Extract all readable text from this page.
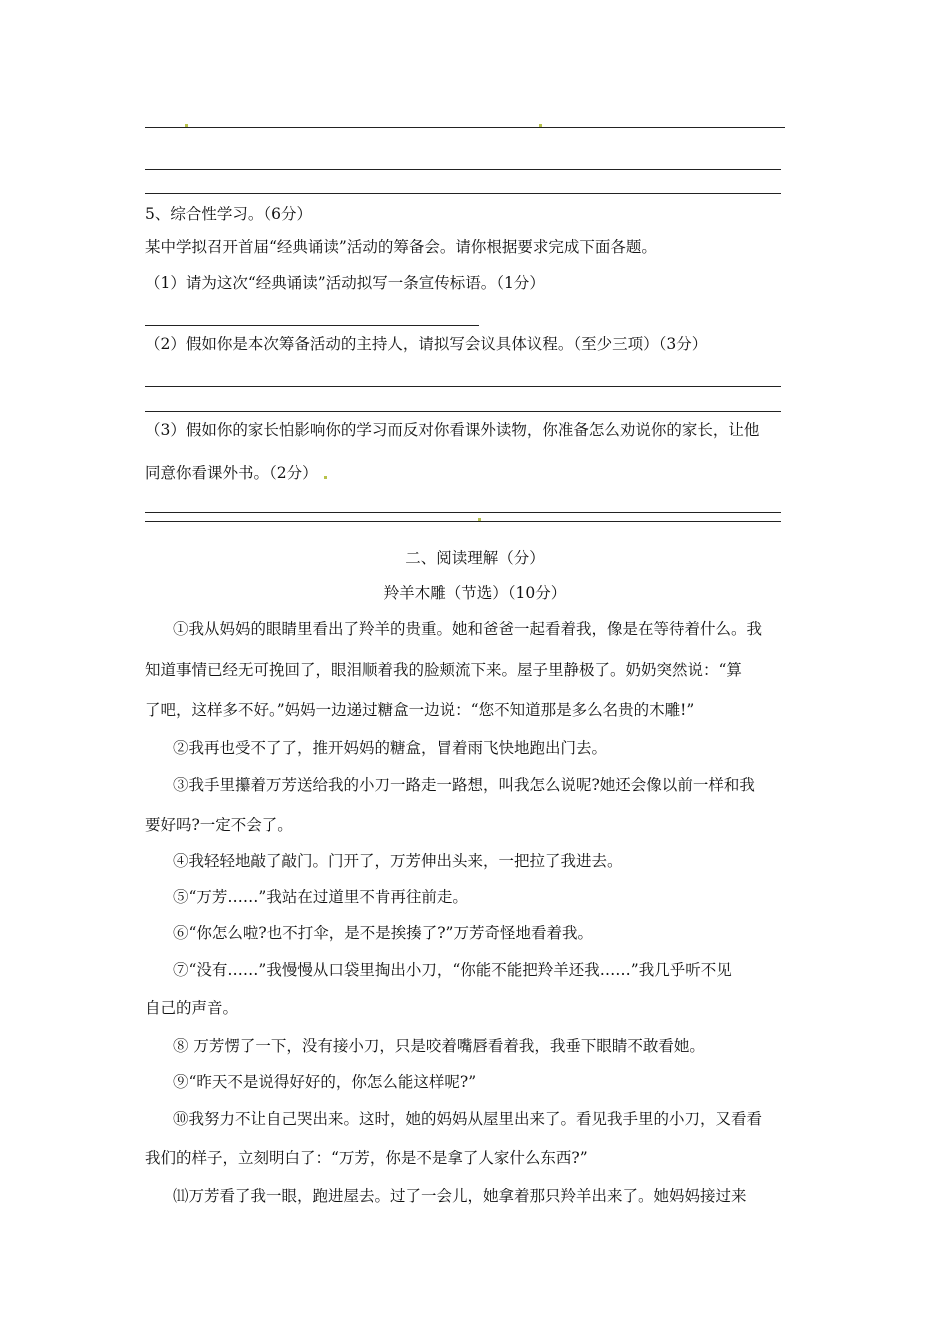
5、综合性学习。（6分）
某中学拟召开首届“经典诵读”活动的筹备会。请你根据要求完成下面各题。
（1）请为这次“经典诵读”活动拟写一条宣传标语。（1分）
（2）假如你是本次筹备活动的主持人，请拟写会议具体议程。（至少三项）（3分）
（3）假如你的家长怕影响你的学习而反对你看课外读物，你准备怎么劝说你的家长，让他
同意你看课外书。（2分）
二、阅读理解（分）
羚羊木雕（节选）（10分）
①我从妈妈的眼睛里看出了羚羊的贵重。她和爸爸一起看着我，像是在等待着什么。我
知道事情已经无可挽回了，眼泪顺着我的脸颊流下来。屋子里静极了。奶奶突然说：“算
了吧，这样多不好。”妈妈一边递过糖盒一边说：“您不知道那是多么名贵的木雕!”
②我再也受不了了，推开妈妈的糖盒，冒着雨飞快地跑出门去。
③我手里攥着万芳送给我的小刀一路走一路想，叫我怎么说呢?她还会像以前一样和我
要好吗?一定不会了。
④我轻轻地敲了敲门。门开了，万芳伸出头来，一把拉了我进去。
⑤“万芳……”我站在过道里不肯再往前走。
⑥“你怎么啦?也不打伞，是不是挨揍了?”万芳奇怪地看着我。
⑦“没有……”我慢慢从口袋里掏出小刀，“你能不能把羚羊还我……”我几乎听不见
自己的声音。
⑧ 万芳愣了一下，没有接小刀，只是咬着嘴唇看着我，我垂下眼睛不敢看她。
⑨“昨天不是说得好好的，你怎么能这样呢?”
⑩我努力不让自己哭出来。这时，她的妈妈从屋里出来了。看见我手里的小刀，又看看
我们的样子，立刻明白了：“万芳，你是不是拿了人家什么东西?”
⑾万芳看了我一眼，跑进屋去。过了一会儿，她拿着那只羚羊出来了。她妈妈接过来
